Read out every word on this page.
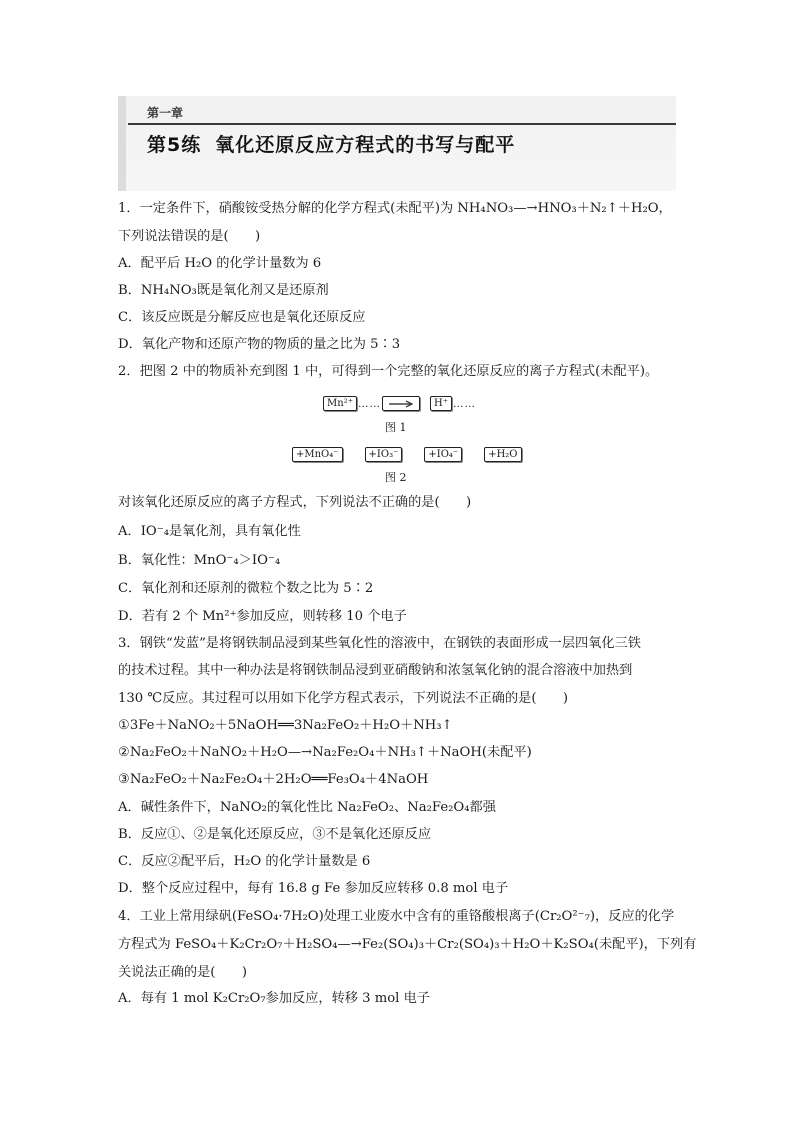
第一章
第5练 氧化还原反应方程式的书写与配平
1．一定条件下，硝酸铵受热分解的化学方程式(未配平)为 NH₄NO₃—→HNO₃＋N₂↑＋H₂O，
下列说法错误的是(　　)
A．配平后 H₂O 的化学计量数为 6
B．NH₄NO₃既是氧化剂又是还原剂
C．该反应既是分解反应也是氧化还原反应
D．氧化产物和还原产物的物质的量之比为 5∶3
2．把图 2 中的物质补充到图 1 中，可得到一个完整的氧化还原反应的离子方程式(未配平)。
Mn²⁺ ……	H⁺ ……
图 1
+MnO₄⁻	+IO₃⁻	+IO₄⁻	+H₂O
图 2
对该氧化还原反应的离子方程式，下列说法不正确的是(　　)
A．IO⁻₄是氧化剂，具有氧化性
B．氧化性：MnO⁻₄＞IO⁻₄
C．氧化剂和还原剂的微粒个数之比为 5∶2
D．若有 2 个 Mn²⁺参加反应，则转移 10 个电子
3．钢铁“发蓝”是将钢铁制品浸到某些氧化性的溶液中，在钢铁的表面形成一层四氧化三铁
的技术过程。其中一种办法是将钢铁制品浸到亚硝酸钠和浓氢氧化钠的混合溶液中加热到
130 ℃反应。其过程可以用如下化学方程式表示，下列说法不正确的是(　　)
①3Fe＋NaNO₂＋5NaOH══3Na₂FeO₂＋H₂O＋NH₃↑
②Na₂FeO₂＋NaNO₂＋H₂O—→Na₂Fe₂O₄＋NH₃↑＋NaOH(未配平)
③Na₂FeO₂＋Na₂Fe₂O₄＋2H₂O══Fe₃O₄＋4NaOH
A．碱性条件下，NaNO₂的氧化性比 Na₂FeO₂、Na₂Fe₂O₄都强
B．反应①、②是氧化还原反应，③不是氧化还原反应
C．反应②配平后，H₂O 的化学计量数是 6
D．整个反应过程中，每有 16.8 g Fe 参加反应转移 0.8 mol 电子
4．工业上常用绿矾(FeSO₄·7H₂O)处理工业废水中含有的重铬酸根离子(Cr₂O²⁻₇)，反应的化学
方程式为 FeSO₄＋K₂Cr₂O₇＋H₂SO₄—→Fe₂(SO₄)₃＋Cr₂(SO₄)₃＋H₂O＋K₂SO₄(未配平)，下列有
关说法正确的是(　　)
A．每有 1 mol K₂Cr₂O₇参加反应，转移 3 mol 电子
